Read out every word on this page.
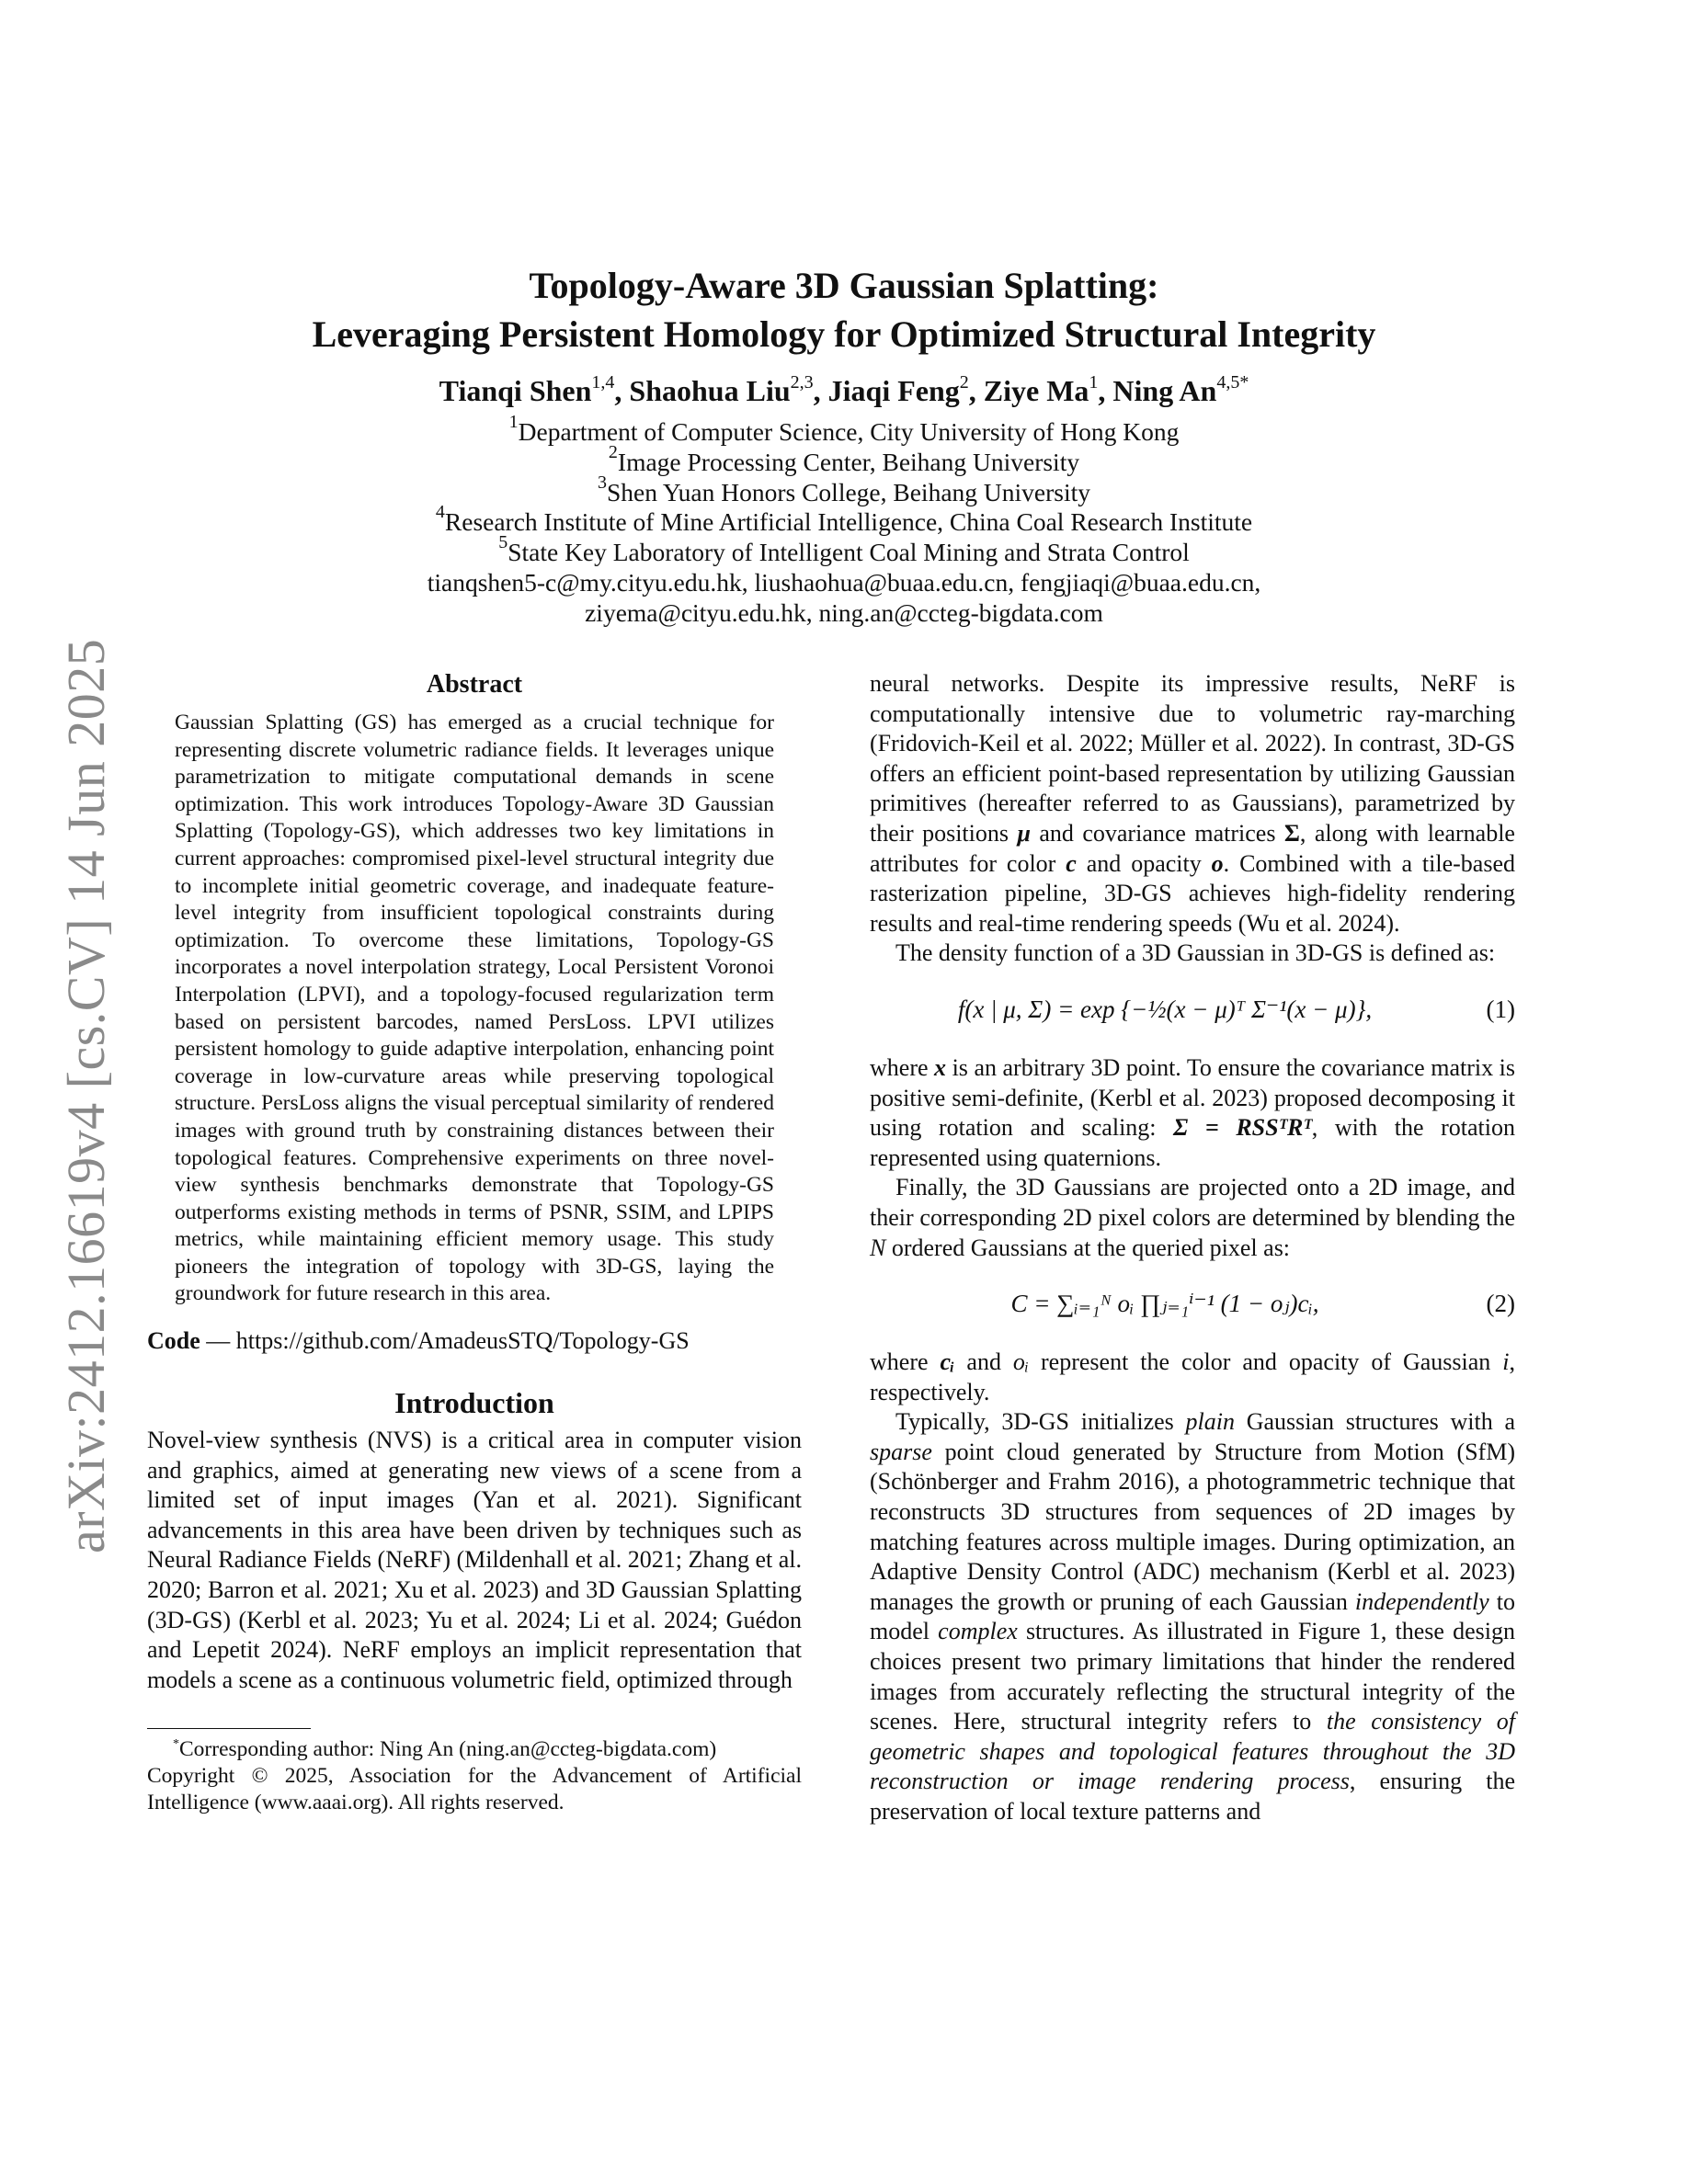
arXiv:2412.16619v4 [cs.CV] 14 Jun 2025
Topology-Aware 3D Gaussian Splatting:
Leveraging Persistent Homology for Optimized Structural Integrity
Tianqi Shen$^{1,4}$, Shaohua Liu$^{2,3}$, Jiaqi Feng$^2$, Ziye Ma$^1$, Ning $An^{4,5*}$
$^1$Department of Computer Science, City University of Hong Kong
$^2$Image Processing Center, Beihang University
$^3$Shen Yuan Honors College, Beihang University
$^4$Research Institute of Mine Artificial Intelligence, China Coal Research Institute
$^5$State Key Laboratory of Intelligent Coal Mining and Strata Control
tianqshen5-c@my.cityu.edu.hk, liushaohua@buaa.edu.cn, fengjiaqi@buaa.edu.cn,
ziyema@cityu.edu.hk, ning.an@ccteg-bigdata.com
Abstract

Gaussian Splatting (GS) has emerged as a crucial technique for representing discrete volumetric radiance fields. It leverages unique parametrization to mitigate computational demands in scene optimization. This work introduces Topology-Aware 3D Gaussian Splatting (Topology-GS), which addresses two key limitations in current approaches: compromised pixel-level structural integrity due to incomplete initial geometric coverage, and inadequate feature-level integrity from insufficient topological constraints during optimization. To overcome these limitations, Topology-GS incorporates a novel interpolation strategy, Local Persistent Voronoi Interpolation (LPVI), and a topology-focused regularization term based on persistent barcodes, named PersLoss. LPVI utilizes persistent homology to guide adaptive interpolation, enhancing point coverage in low-curvature areas while preserving topological structure. PersLoss aligns the visual perceptual similarity of rendered images with ground truth by constraining distances between their topological features. Comprehensive experiments on three novel-view synthesis benchmarks demonstrate that Topology-GS outperforms existing methods in terms of PSNR, SSIM, and LPIPS metrics, while maintaining efficient memory usage. This study pioneers the integration of topology with 3D-GS, laying the groundwork for future research in this area.

Code — https://github.com/AmadeusSTQ/Topology-GS
Introduction

Novel-view synthesis (NVS) is a critical area in computer vision and graphics, aimed at generating new views of a scene from a limited set of input images (Yan et al. 2021). Significant advancements in this area have been driven by techniques such as Neural Radiance Fields (NeRF) (Mildenhall et al. 2021; Zhang et al. 2020; Barron et al. 2021; Xu et al. 2023) and 3D Gaussian Splatting (3D-GS) (Kerbl et al. 2023; Yu et al. 2024; Li et al. 2024; Guédon and Lepetit 2024). NeRF employs an implicit representation that models a scene as a continuous volumetric field, optimized through

*Corresponding author: Ning An (ning.an@ccteg-bigdata.com)

Copyright © 2025, Association for the Advancement of Artificial Intelligence (www.aaai.org). All rights reserved.

neural networks. Despite its impressive results, NeRF is computationally intensive due to volumetric ray-marching (Fridovich-Keil et al. 2022; Müller et al. 2022). In contrast, 3D-GS offers an efficient point-based representation by utilizing Gaussian primitives (hereafter referred to as Gaussians), parametrized by their positions μ and covariance matrices Σ, along with learnable attributes for color c and opacity o. Combined with a tile-based rasterization pipeline, 3D-GS achieves high-fidelity rendering results and real-time rendering speeds (Wu et al. 2024).

The density function of a 3D Gaussian in 3D-GS is defined as:

f(x | μ, Σ) = exp {−½(x − μ)ᵀ Σ⁻¹(x − μ)},	(1)

where x is an arbitrary 3D point. To ensure the covariance matrix is positive semi-definite, (Kerbl et al. 2023) proposed decomposing it using rotation and scaling: Σ = RSSᵀRᵀ, with the rotation represented using quaternions.

Finally, the 3D Gaussians are projected onto a 2D image, and their corresponding 2D pixel colors are determined by blending the N ordered Gaussians at the queried pixel as:

C = ∑ᵢ₌₁ᴺ oᵢ ∏ⱼ₌₁ⁱ⁻¹ (1 − oⱼ)cᵢ,	(2)

where cᵢ and oᵢ represent the color and opacity of Gaussian i, respectively.

Typically, 3D-GS initializes plain Gaussian structures with a sparse point cloud generated by Structure from Motion (SfM) (Schönberger and Frahm 2016), a photogrammetric technique that reconstructs 3D structures from sequences of 2D images by matching features across multiple images. During optimization, an Adaptive Density Control (ADC) mechanism (Kerbl et al. 2023) manages the growth or pruning of each Gaussian independently to model complex structures. As illustrated in Figure 1, these design choices present two primary limitations that hinder the rendered images from accurately reflecting the structural integrity of the scenes. Here, structural integrity refers to the consistency of geometric shapes and topological features throughout the 3D reconstruction or image rendering process, ensuring the preservation of local texture patterns and
